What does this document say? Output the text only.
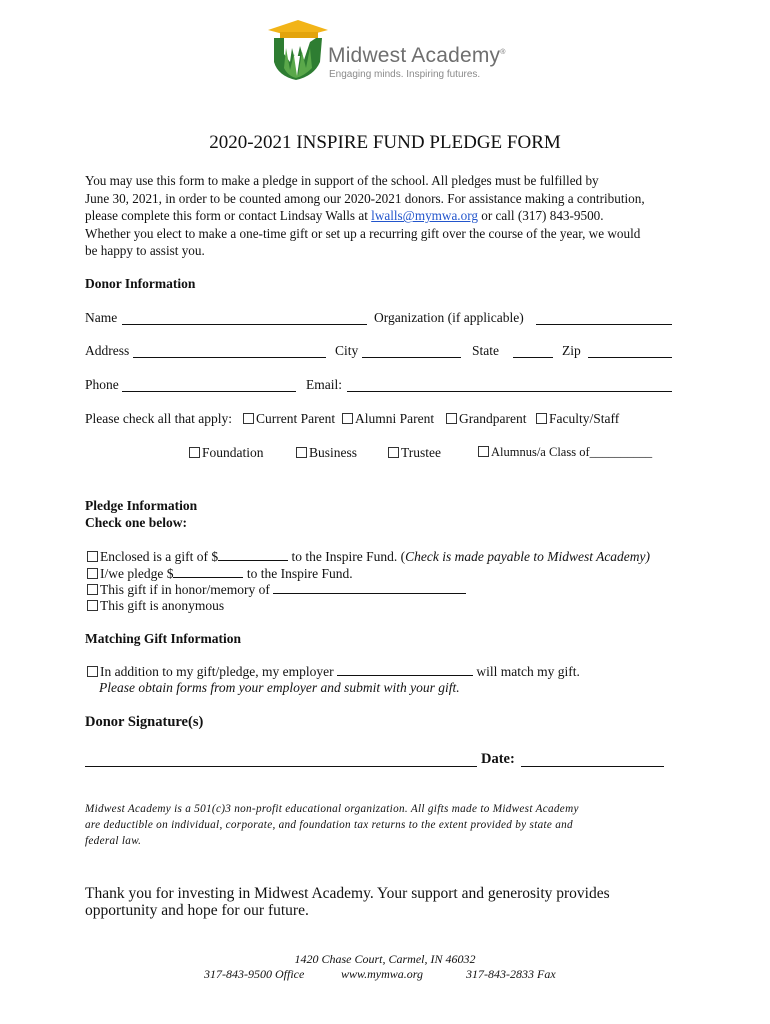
Midwest Academy®
Engaging minds. Inspiring futures.
2020-2021 INSPIRE FUND PLEDGE FORM
You may use this form to make a pledge in support of the school. All pledges must be fulfilled by
June 30, 2021, in order to be counted among our 2020-2021 donors. For assistance making a contribution,
please complete this form or contact Lindsay Walls at lwalls@mymwa.org or call (317) 843-9500.
Whether you elect to make a one-time gift or set up a recurring gift over the course of the year, we would
be happy to assist you.
Donor Information
Name	Organization (if applicable)
Address	City	State	Zip
Phone	Email:
Please check all that apply:	Current Parent	Alumni Parent	Grandparent	Faculty/Staff
Foundation	Business	Trustee	Alumnus/a Class of__________
Pledge Information
Check one below:
Enclosed is a gift of $	to the Inspire Fund. (Check is made payable to Midwest Academy)
I/we pledge $	to the Inspire Fund.
This gift if in honor/memory of
This gift is anonymous
Matching Gift Information
In addition to my gift/pledge, my employer	will match my gift.
Please obtain forms from your employer and submit with your gift.
Donor Signature(s)
Date:
Midwest Academy is a 501(c)3 non-profit educational organization. All gifts made to Midwest Academy
are deductible on individual, corporate, and foundation tax returns to the extent provided by state and
federal law.
Thank you for investing in Midwest Academy. Your support and generosity provides opportunity and hope for our future.
1420 Chase Court, Carmel, IN 46032
317-843-9500 Office	www.mymwa.org	317-843-2833 Fax
